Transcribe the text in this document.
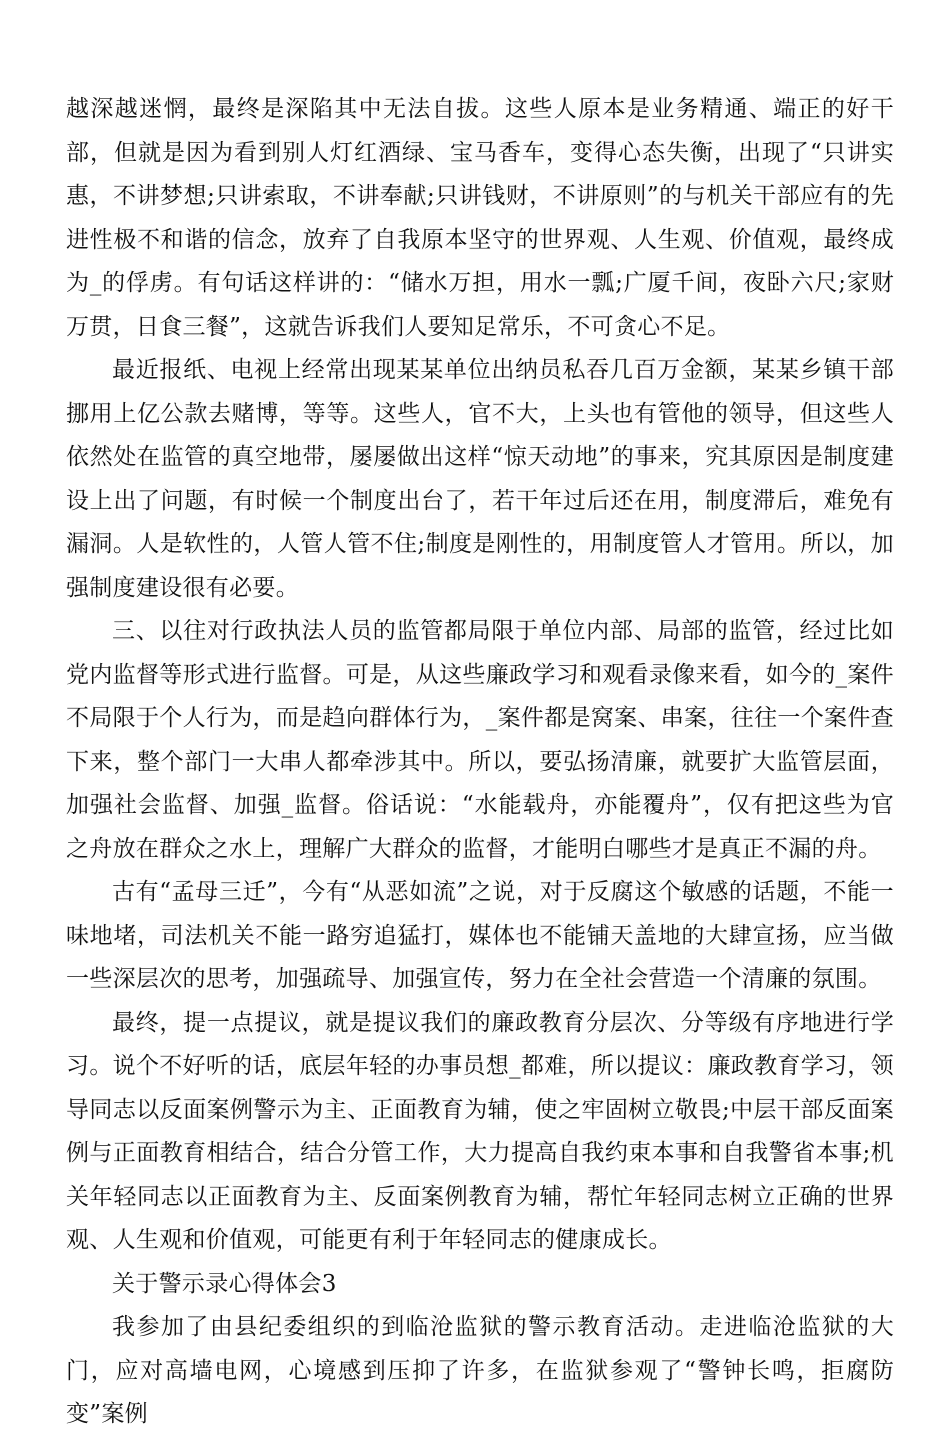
越深越迷惘，最终是深陷其中无法自拔。这些人原本是业务精通、端正的好干部，但就是因为看到别人灯红酒绿、宝马香车，变得心态失衡，出现了“只讲实惠，不讲梦想;只讲索取，不讲奉献;只讲钱财，不讲原则”的与机关干部应有的先进性极不和谐的信念，放弃了自我原本坚守的世界观、人生观、价值观，最终成为_的俘虏。有句话这样讲的：“储水万担，用水一瓢;广厦千间，夜卧六尺;家财万贯，日食三餐”，这就告诉我们人要知足常乐，不可贪心不足。

最近报纸、电视上经常出现某某单位出纳员私吞几百万金额，某某乡镇干部挪用上亿公款去赌博，等等。这些人，官不大，上头也有管他的领导，但这些人依然处在监管的真空地带，屡屡做出这样“惊天动地”的事来，究其原因是制度建设上出了问题，有时候一个制度出台了，若干年过后还在用，制度滞后，难免有漏洞。人是软性的，人管人管不住;制度是刚性的，用制度管人才管用。所以，加强制度建设很有必要。

三、以往对行政执法人员的监管都局限于单位内部、局部的监管，经过比如党内监督等形式进行监督。可是，从这些廉政学习和观看录像来看，如今的_案件不局限于个人行为，而是趋向群体行为，_案件都是窝案、串案，往往一个案件查下来，整个部门一大串人都牵涉其中。所以，要弘扬清廉，就要扩大监管层面，加强社会监督、加强_监督。俗话说：“水能载舟，亦能覆舟”，仅有把这些为官之舟放在群众之水上，理解广大群众的监督，才能明白哪些才是真正不漏的舟。

古有“孟母三迁”，今有“从恶如流”之说，对于反腐这个敏感的话题，不能一味地堵，司法机关不能一路穷追猛打，媒体也不能铺天盖地的大肆宣扬，应当做一些深层次的思考，加强疏导、加强宣传，努力在全社会营造一个清廉的氛围。

最终，提一点提议，就是提议我们的廉政教育分层次、分等级有序地进行学习。说个不好听的话，底层年轻的办事员想_都难，所以提议：廉政教育学习，领导同志以反面案例警示为主、正面教育为辅，使之牢固树立敬畏;中层干部反面案例与正面教育相结合，结合分管工作，大力提高自我约束本事和自我警省本事;机关年轻同志以正面教育为主、反面案例教育为辅，帮忙年轻同志树立正确的世界观、人生观和价值观，可能更有利于年轻同志的健康成长。

关于警示录心得体会3

我参加了由县纪委组织的到临沧监狱的警示教育活动。走进临沧监狱的大门，应对高墙电网，心境感到压抑了许多，在监狱参观了“警钟长鸣，拒腐防变”案例
